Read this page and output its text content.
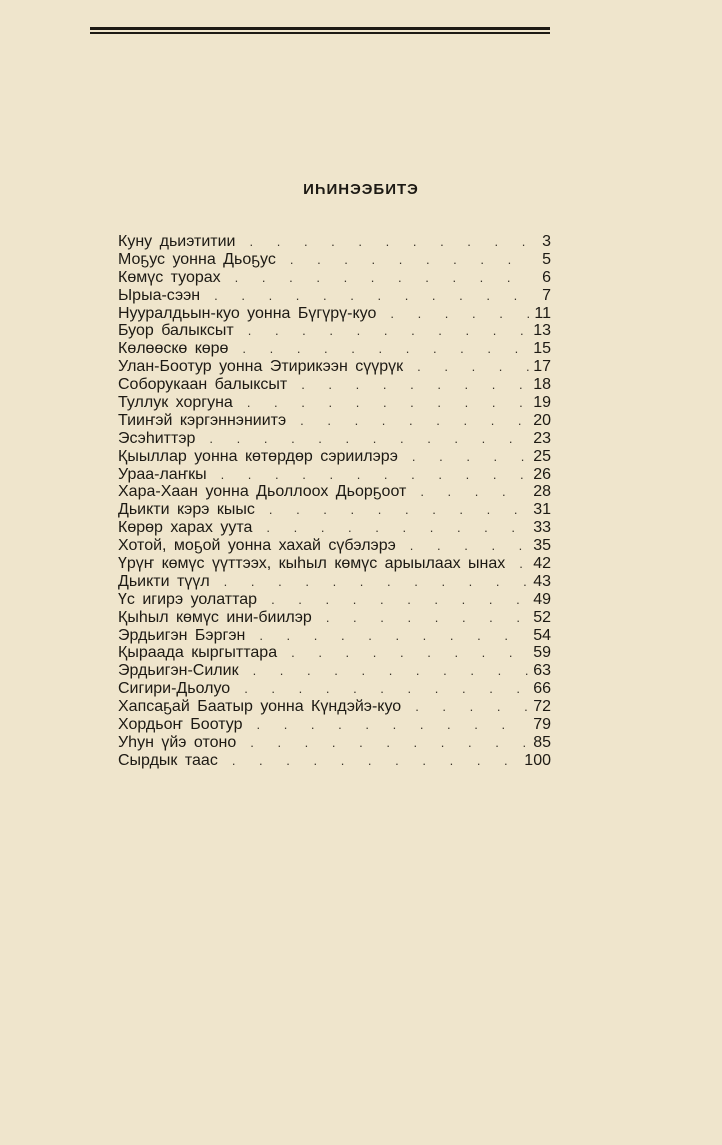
ИҺИНЭЭБИТЭ
Куну дьиэтитии . . .	3
Моҕус уонна Дьоҕус . . .	5
Көмүс туорах . . .	6
Ырыа-сээн . . .	7
Нууралдьын-куо уонна Бүгүрү-куо . . .	11
Буор балыксыт . . .	13
Көлөөскө көрө . . .	15
Улан-Боотур уонна Этирикээн сүүрүк . . .	17
Соборукаан балыксыт . . .	18
Туллук хоргуна . . .	19
Тииҥэй кэргэннэниитэ . . .	20
Эсэһиттэр . . .	23
Қыыллар уонна көтөрдөр сэриилэрэ . . .	25
Ураа-лаҥкы . . .	26
Хара-Хаан уонна Дьоллоох Дьорҕоот . . .	28
Дьикти кэрэ кыыс . . .	31
Көрөр харах уута . . .	33
Хотой, моҕой уонна хахай сүбэлэрэ . . .	35
Үрүҥ көмүс үүттээх, кыһыл көмүс арыылаах ынах . . . 42
Дьикти түүл . . .	43
Үс игирэ уолаттар . . .	49
Қыһыл көмүс ини-биилэр . . .	52
Эрдьигэн Бэргэн . . .	54
Қыраада кыргыттара . . .	59
Эрдьигэн-Силик . . .	63
Сигири-Дьолуо . . .	66
Хапсаҕай Баатыр уонна Күндэйэ-куо . . .	72
Хордьоҥ Боотур . . .	79
Уһун үйэ отоно . . .	85
Сырдык таас . . .	100
